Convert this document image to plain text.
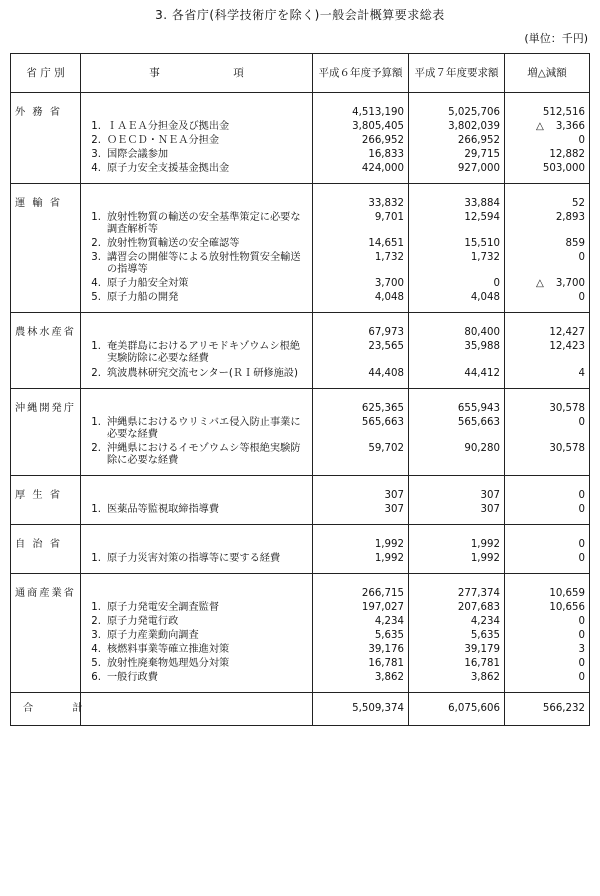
3. 各省庁(科学技術庁を除く)一般会計概算要求総表
(単位：千円)
省 庁 別	事　　　　　　　項	平成６年度予算額	平成７年度要求額	増△減額
外 務 省		4,513,190	5,025,706	512,516

	1. ＩＡＥＡ分担金及び拠出金	3,805,405	3,802,039	△ 3,366

	2. ＯＥＣＤ・ＮＥＡ分担金	266,952	266,952	0

	3. 国際会議参加	16,833	29,715	12,882

	4. 原子力安全支援基金拠出金	424,000	927,000	503,000
運 輸 省		33,832	33,884	52

	1. 放射性物質の輸送の安全基準策定に必要な調査解析等	9,701	12,594	2,893

	2. 放射性物質輸送の安全確認等	14,651	15,510	859

	3. 講習会の開催等による放射性物質安全輸送の指導等	1,732	1,732	0

	4. 原子力船安全対策	3,700	0	△ 3,700

	5. 原子力船の開発	4,048	4,048	0
農林水産省		67,973	80,400	12,427

	1. 奄美群島におけるアリモドキゾウムシ根絶実験防除に必要な経費	23,565	35,988	12,423

	2. 筑波農林研究交流センター(ＲＩ研修施設)	44,408	44,412	4
沖縄開発庁		625,365	655,943	30,578

	1. 沖縄県におけるウリミバエ侵入防止事業に必要な経費	565,663	565,663	0

	2. 沖縄県におけるイモゾウムシ等根絶実験防除に必要な経費	59,702	90,280	30,578
厚 生 省		307	307	0

	1. 医薬品等監視取締指導費	307	307	0
自 治 省		1,992	1,992	0

	1. 原子力災害対策の指導等に要する経費	1,992	1,992	0
通商産業省		266,715	277,374	10,659

	1. 原子力発電安全調査監督	197,027	207,683	10,656

	2. 原子力発電行政	4,234	4,234	0

	3. 原子力産業動向調査	5,635	5,635	0

	4. 核燃料事業等確立推進対策	39,176	39,179	3

	5. 放射性廃棄物処理処分対策	16,781	16,781	0

	6. 一般行政費	3,862	3,862	0
合 計		5,509,374	6,075,606	566,232
